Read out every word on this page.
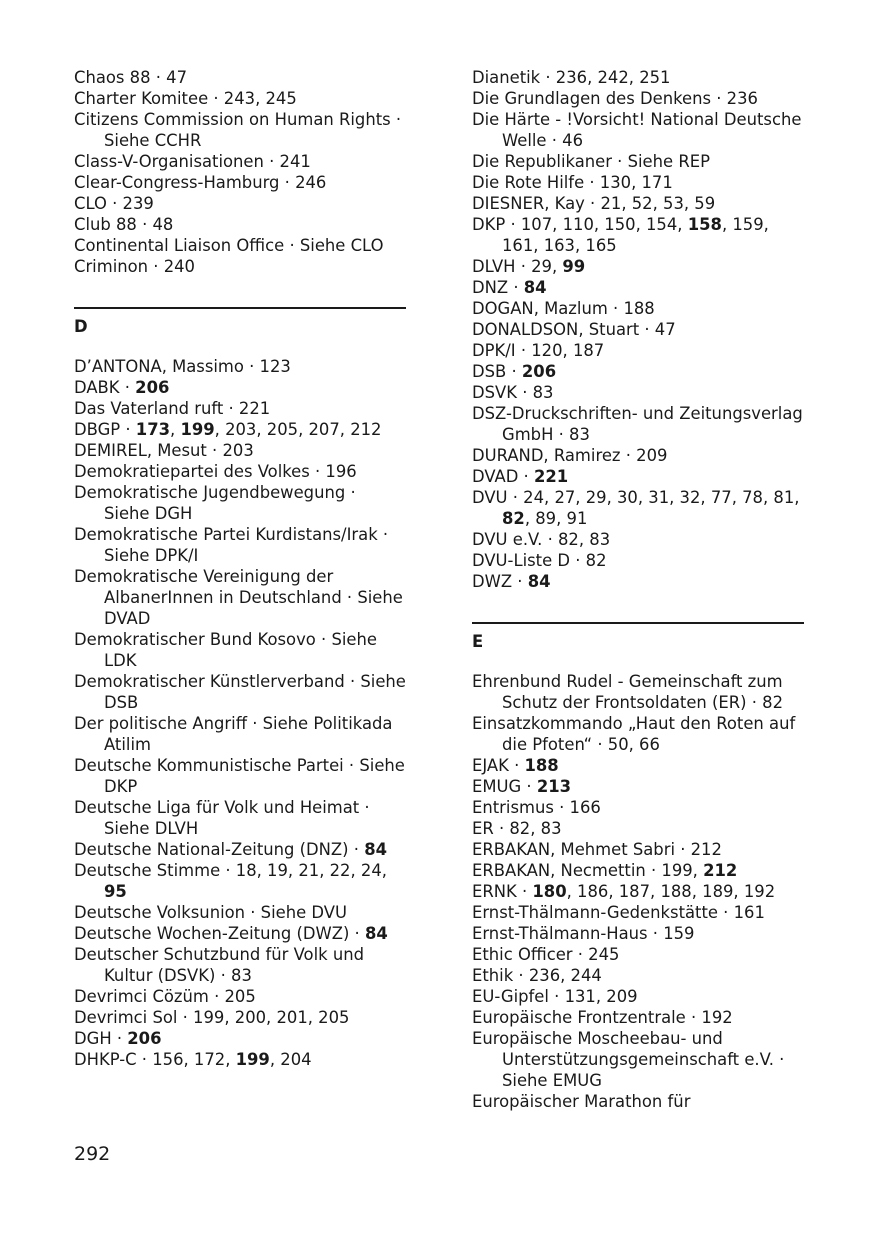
Chaos 88 · 47
Charter Komitee · 243, 245
Citizens Commission on Human Rights · Siehe CCHR
Class-V-Organisationen · 241
Clear-Congress-Hamburg · 246
CLO · 239
Club 88 · 48
Continental Liaison Office · Siehe CLO
Criminon · 240
D
D’ANTONA, Massimo · 123
DABK · 206
Das Vaterland ruft · 221
DBGP · 173, 199, 203, 205, 207, 212
DEMIREL, Mesut · 203
Demokratiepartei des Volkes · 196
Demokratische Jugendbewegung · Siehe DGH
Demokratische Partei Kurdistans/Irak · Siehe DPK/I
Demokratische Vereinigung der AlbanerInnen in Deutschland · Siehe DVAD
Demokratischer Bund Kosovo · Siehe LDK
Demokratischer Künstlerverband · Siehe DSB
Der politische Angriff · Siehe Politikada Atilim
Deutsche Kommunistische Partei · Siehe DKP
Deutsche Liga für Volk und Heimat · Siehe DLVH
Deutsche National-Zeitung (DNZ) · 84
Deutsche Stimme · 18, 19, 21, 22, 24, 95
Deutsche Volksunion · Siehe DVU
Deutsche Wochen-Zeitung (DWZ) · 84
Deutscher Schutzbund für Volk und Kultur (DSVK) · 83
Devrimci Cözüm · 205
Devrimci Sol · 199, 200, 201, 205
DGH · 206
DHKP-C · 156, 172, 199, 204
Dianetik · 236, 242, 251
Die Grundlagen des Denkens · 236
Die Härte - !Vorsicht! National Deutsche Welle · 46
Die Republikaner · Siehe REP
Die Rote Hilfe · 130, 171
DIESNER, Kay · 21, 52, 53, 59
DKP · 107, 110, 150, 154, 158, 159, 161, 163, 165
DLVH · 29, 99
DNZ · 84
DOGAN, Mazlum · 188
DONALDSON, Stuart · 47
DPK/I · 120, 187
DSB · 206
DSVK · 83
DSZ-Druckschriften- und Zeitungsverlag GmbH · 83
DURAND, Ramirez · 209
DVAD · 221
DVU · 24, 27, 29, 30, 31, 32, 77, 78, 81, 82, 89, 91
DVU e.V. · 82, 83
DVU-Liste D · 82
DWZ · 84
E
Ehrenbund Rudel - Gemeinschaft zum Schutz der Frontsoldaten (ER) · 82
Einsatzkommando „Haut den Roten auf die Pfoten“ · 50, 66
EJAK · 188
EMUG · 213
Entrismus · 166
ER · 82, 83
ERBAKAN, Mehmet Sabri · 212
ERBAKAN, Necmettin · 199, 212
ERNK · 180, 186, 187, 188, 189, 192
Ernst-Thälmann-Gedenkstätte · 161
Ernst-Thälmann-Haus · 159
Ethic Officer · 245
Ethik · 236, 244
EU-Gipfel · 131, 209
Europäische Frontzentrale · 192
Europäische Moscheebau- und Unterstützungsgemeinschaft e.V. · Siehe EMUG
Europäischer Marathon für
292
